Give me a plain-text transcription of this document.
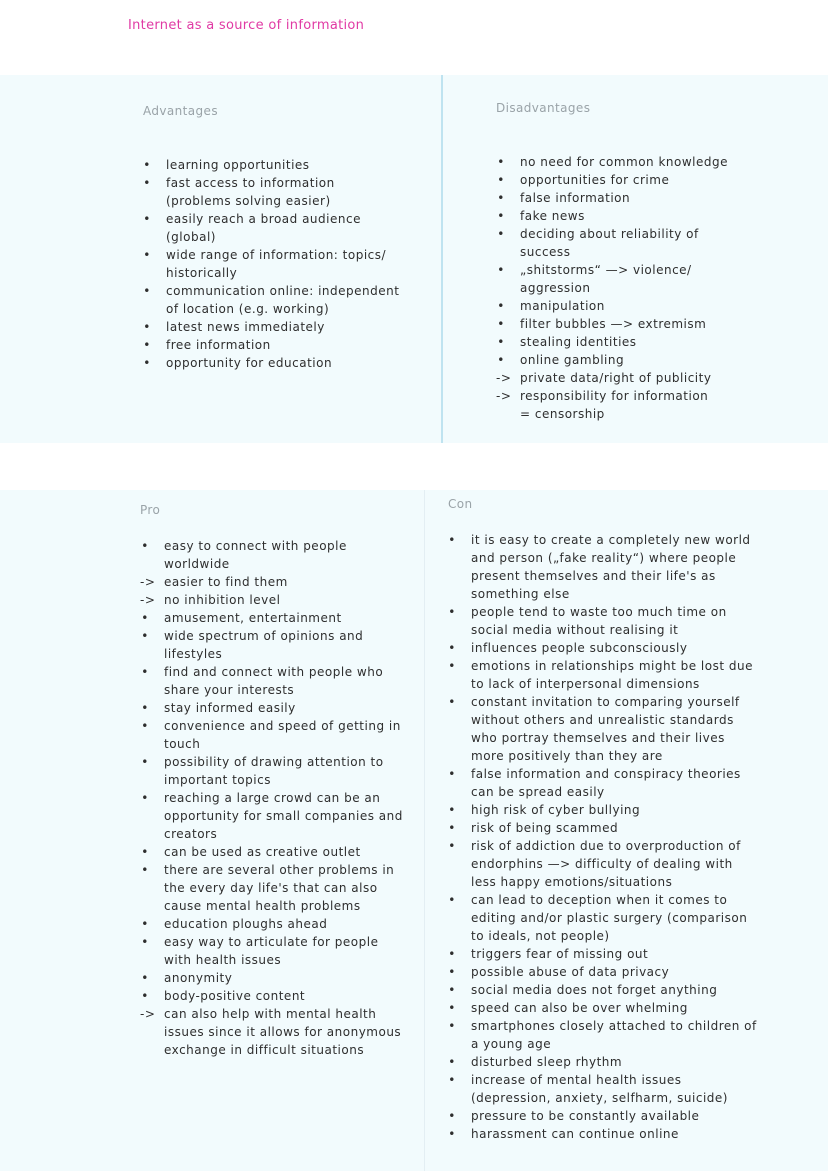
Internet as a source of information
Advantages
• learning opportunities
• fast access to information
(problems solving easier)
• easily reach a broad audience
(global)
• wide range of information: topics/
historically
• communication online: independent
of location (e.g. working)
• latest news immediately
• free information
• opportunity for education
Disadvantages
• no need for common knowledge
• opportunities for crime
• false information
• fake news
• deciding about reliability of
success
• „shitstorms“ —> violence/
aggression
• manipulation
• filter bubbles —> extremism
• stealing identities
• online gambling
-> private data/right of publicity
-> responsibility for information
= censorship
Pro
• easy to connect with people
worldwide
-> easier to find them
-> no inhibition level
• amusement, entertainment
• wide spectrum of opinions and
lifestyles
• find and connect with people who
share your interests
• stay informed easily
• convenience and speed of getting in
touch
• possibility of drawing attention to
important topics
• reaching a large crowd can be an
opportunity for small companies and
creators
• can be used as creative outlet
• there are several other problems in
the every day life's that can also
cause mental health problems
• education ploughs ahead
• easy way to articulate for people
with health issues
• anonymity
• body-positive content
-> can also help with mental health
issues since it allows for anonymous
exchange in difficult situations
Con
• it is easy to create a completely new world
and person („fake reality“) where people
present themselves and their life's as
something else
• people tend to waste too much time on
social media without realising it
• influences people subconsciously
• emotions in relationships might be lost due
to lack of interpersonal dimensions
• constant invitation to comparing yourself
without others and unrealistic standards
who portray themselves and their lives
more positively than they are
• false information and conspiracy theories
can be spread easily
• high risk of cyber bullying
• risk of being scammed
• risk of addiction due to overproduction of
endorphins —> difficulty of dealing with
less happy emotions/situations
• can lead to deception when it comes to
editing and/or plastic surgery (comparison
to ideals, not people)
• triggers fear of missing out
• possible abuse of data privacy
• social media does not forget anything
• speed can also be over whelming
• smartphones closely attached to children of
a young age
• disturbed sleep rhythm
• increase of mental health issues
(depression, anxiety, selfharm, suicide)
• pressure to be constantly available
• harassment can continue online
